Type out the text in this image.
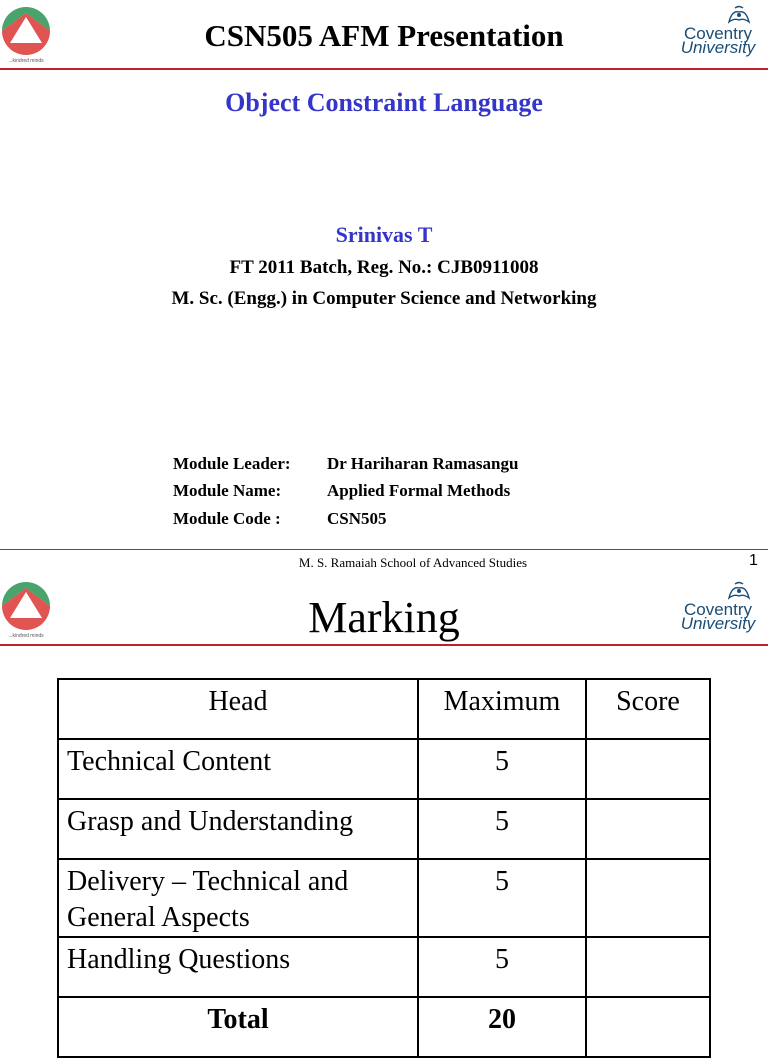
...kindred minds
CSN505 AFM Presentation	Coventry
University
Object Constraint Language
Srinivas T
FT 2011 Batch, Reg. No.: CJB0911008
M. Sc. (Engg.) in Computer Science and Networking
Module Leader: Dr Hariharan Ramasangu
Module Name:	Applied Formal Methods
Module Code :	CSN505
M. S. Ramaiah School of Advanced Studies	1
...kindred minds	Marking	Coventry
University
Head	Maximum	Score
Technical Content	5	
Grasp and Understanding	5	
Delivery – Technical and General Aspects	5	
Handling Questions	5	
Total	20	
